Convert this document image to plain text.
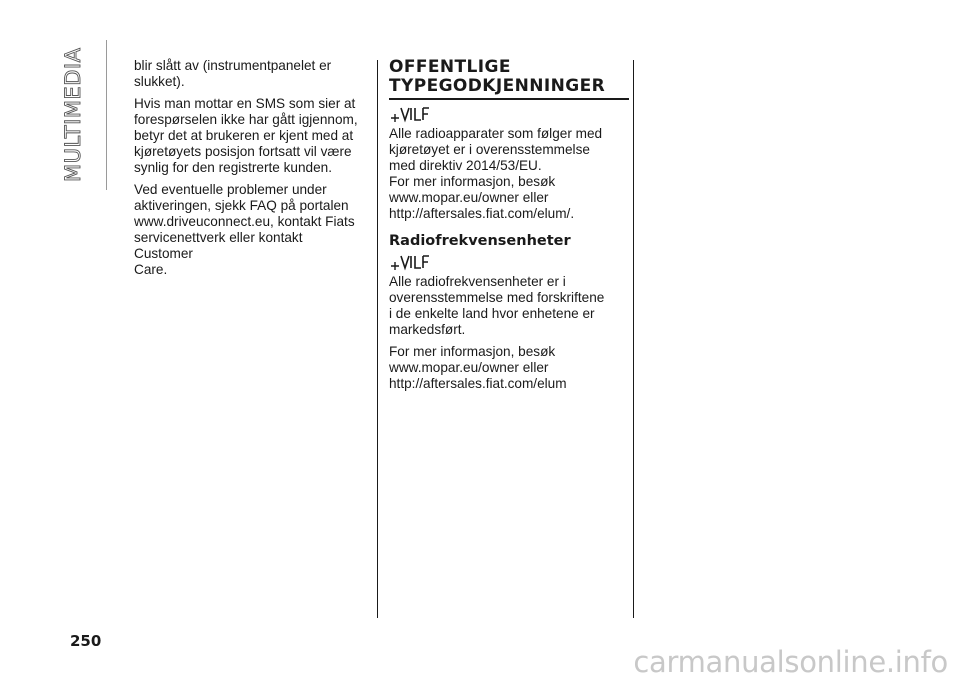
MULTIMEDIA	blir slått av (instrumentpanelet er
slukket).

Hvis man mottar en SMS som sier at
forespørselen ikke har gått igjennom,
betyr det at brukeren er kjent med at
kjøretøyets posisjon fortsatt vil være
synlig for den registrerte kunden.

Ved eventuelle problemer under
aktiveringen, sjekk FAQ på portalen
www.driveuconnect.eu, kontakt Fiats
servicenettverk eller kontakt Customer
Care.

OFFENTLIGE
TYPEGODKJENNINGER

Alle radioapparater som følger med
kjøretøyet er i overensstemmelse
med direktiv 2014/53/EU.
For mer informasjon, besøk
www.mopar.eu/owner eller
http://aftersales.fiat.com/elum/.

Radiofrekvensenheter

Alle radiofrekvensenheter er i
overensstemmelse med forskriftene
i de enkelte land hvor enhetene er
markedsført.

For mer informasjon, besøk
www.mopar.eu/owner eller
http://aftersales.fiat.com/elum

250
carmanualsonline.info
